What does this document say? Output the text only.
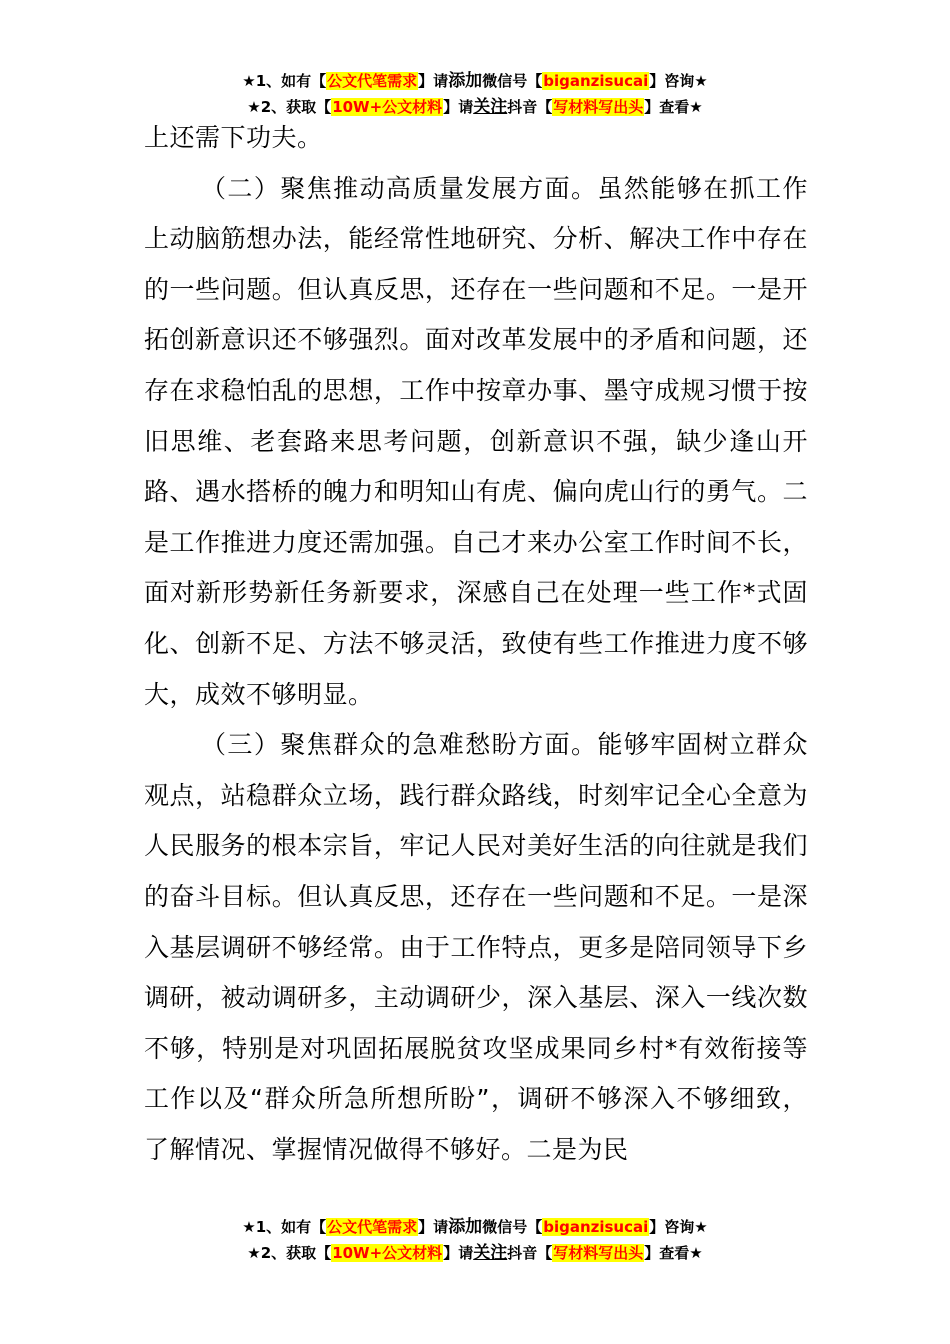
★1、如有【公文代笔需求】请添加微信号【biganzisucai】咨询★
★2、获取【10W+公文材料】请关注抖音【写材料写出头】查看★

上还需下功夫。

（二）聚焦推动高质量发展方面。虽然能够在抓工作上动脑筋想办法，能经常性地研究、分析、解决工作中存在的一些问题。但认真反思，还存在一些问题和不足。一是开拓创新意识还不够强烈。面对改革发展中的矛盾和问题，还存在求稳怕乱的思想，工作中按章办事、墨守成规习惯于按旧思维、老套路来思考问题，创新意识不强，缺少逢山开路、遇水搭桥的魄力和明知山有虎、偏向虎山行的勇气。二是工作推进力度还需加强。自己才来办公室工作时间不长，面对新形势新任务新要求，深感自己在处理一些工作*式固化、创新不足、方法不够灵活，致使有些工作推进力度不够大，成效不够明显。

（三）聚焦群众的急难愁盼方面。能够牢固树立群众观点，站稳群众立场，践行群众路线，时刻牢记全心全意为人民服务的根本宗旨，牢记人民对美好生活的向往就是我们的奋斗目标。但认真反思，还存在一些问题和不足。一是深入基层调研不够经常。由于工作特点，更多是陪同领导下乡调研，被动调研多，主动调研少，深入基层、深入一线次数不够，特别是对巩固拓展脱贫攻坚成果同乡村*有效衔接等工作以及“群众所急所想所盼”，调研不够深入不够细致，了解情况、掌握情况做得不够好。二是为民

★1、如有【公文代笔需求】请添加微信号【biganzisucai】咨询★
★2、获取【10W+公文材料】请关注抖音【写材料写出头】查看★
